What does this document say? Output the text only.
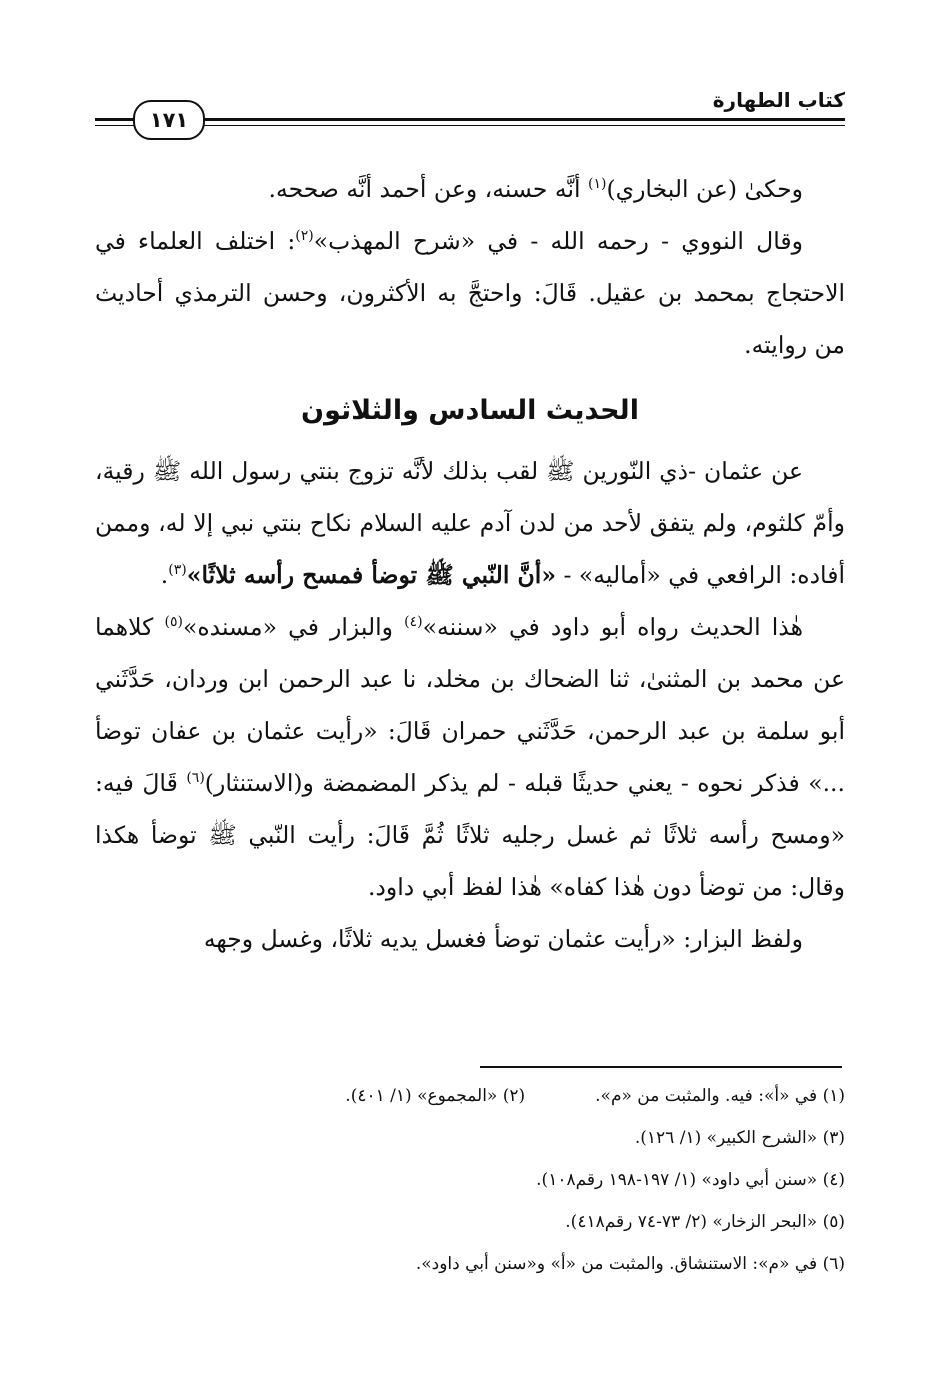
١٧١
كتاب الطهارة

وحكىٰ (عن البخاري)$^{(١)}$ أنَّه حسنه، وعن أحمد أنَّه صححه.

وقال النووي - رحمه الله - في «شرح المهذب»$^{(٢)}$: اختلف العلماء في الاحتجاج بمحمد بن عقيل. قَالَ: واحتجَّ به الأكثرون، وحسن الترمذي أحاديث من روايته.

الحديث السادس والثلاثون

عن عثمان -ذي النّورين ﷺ لقب بذلك لأنَّه تزوج بنتي رسول الله ﷺ رقية، وأمّ كلثوم، ولم يتفق لأحد من لدن آدم عليه السلام نكاح بنتي نبي إلا له، وممن أفاده: الرافعي في «أماليه» - «أنَّ النّبي ﷺ توضأ فمسح رأسه ثلاثًا»$^{(٣)}$.

هٰذا الحديث رواه أبو داود في «سننه»$^{(٤)}$ والبزار في «مسنده»$^{(٥)}$ كلاهما عن محمد بن المثنىٰ، ثنا الضحاك بن مخلد، نا عبد الرحمن ابن وردان، حَدَّثَني أبو سلمة بن عبد الرحمن، حَدَّثَني حمران قَالَ: «رأيت عثمان بن عفان توضأ ...» فذكر نحوه - يعني حديثًا قبله - لم يذكر المضمضة و(الاستنثار)$^{(٦)}$ قَالَ فيه: «ومسح رأسه ثلاثًا ثم غسل رجليه ثلاثًا ثُمَّ قَالَ: رأيت النّبي ﷺ توضأ هكذا وقال: من توضأ دون هٰذا كفاه» هٰذا لفظ أبي داود.

ولفظ البزار: «رأيت عثمان توضأ فغسل يديه ثلاثًا، وغسل وجهه

(١) في «أ»: فيه. والمثبت من «م».(٢) «المجموع» (١/ ٤٠١).
(٣) «الشرح الكبير» (١/ ١٢٦).
(٤) «سنن أبي داود» (١/ ١٩٧-١٩٨ رقم١٠٨).
(٥) «البحر الزخار» (٢/ ٧٣-٧٤ رقم٤١٨).
(٦) في «م»: الاستنشاق. والمثبت من «أ» و«سنن أبي داود».
